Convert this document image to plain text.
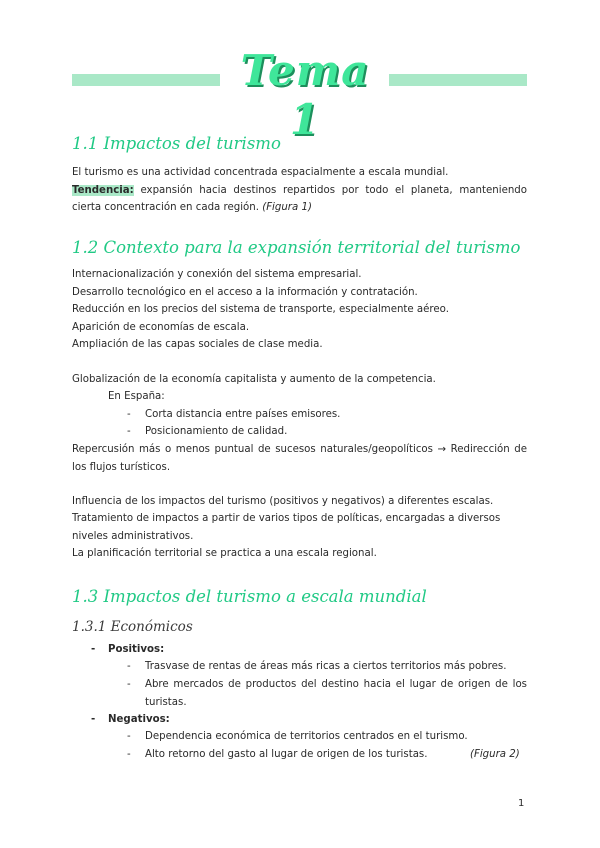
Tema 1
1.1 Impactos del turismo
El turismo es una actividad concentrada espacialmente a escala mundial.
Tendencia: expansión hacia destinos repartidos por todo el planeta, manteniendo cierta concentración en cada región. (Figura 1)
1.2 Contexto para la expansión territorial del turismo
Internacionalización y conexión del sistema empresarial.
Desarrollo tecnológico en el acceso a la información y contratación.
Reducción en los precios del sistema de transporte, especialmente aéreo.
Aparición de economías de escala.
Ampliación de las capas sociales de clase media.
Globalización de la economía capitalista y aumento de la competencia.
En España:
- Corta distancia entre países emisores.
- Posicionamiento de calidad.
Repercusión más o menos puntual de sucesos naturales/geopolíticos → Redirección de los flujos turísticos.
Influencia de los impactos del turismo (positivos y negativos) a diferentes escalas.
Tratamiento de impactos a partir de varios tipos de políticas, encargadas a diversos niveles administrativos.
La planificación territorial se practica a una escala regional.
1.3 Impactos del turismo a escala mundial
1.3.1 Económicos
- Positivos:
- Trasvase de rentas de áreas más ricas a ciertos territorios más pobres.
- Abre mercados de productos del destino hacia el lugar de origen de los turistas.
- Negativos:
- Dependencia económica de territorios centrados en el turismo.
- Alto retorno del gasto al lugar de origen de los turistas.	(Figura 2)
1
